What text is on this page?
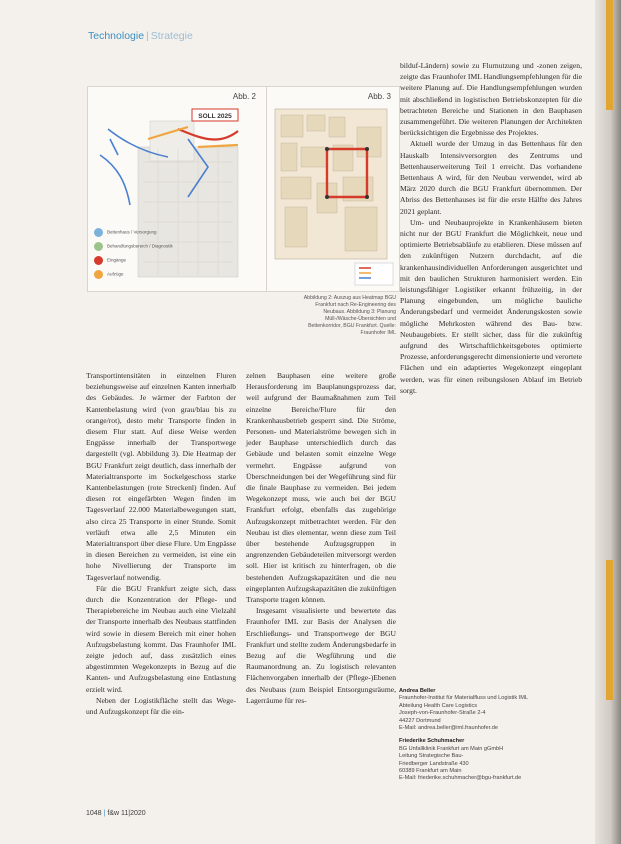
Technologie | Strategie
Abb. 2
SOLL 2025
Bettenhaus / Versorgung
Behandlungsbereich / Diagnostik
Eingänge
Aufzüge
Abb. 3
Abbildung 2: Auszug aus Heatmap BGU Frankfurt nach Re-Engineering des Neubaus. Abbildung 3: Planung Müll-/Wäsche-Übersichten und Bettenkorridor, BGU Frankfurt. Quelle: Fraunhofer IML

bilduf-Ländern) sowie zu Flurnutzung und -zonen zeigen, zeigte das Fraunhofer IML Handlungsempfehlungen für die weitere Planung auf. Die Handlungsempfehlungen wurden mit abschließend in logistischen Betriebskonzepten für die betrachteten Bereiche und Stationen in den Bauphasen zusammengeführt. Die weiteren Planungen der Architekten berücksichtigen die Ergebnisse des Projektes.

Aktuell wurde der Umzug in das Bettenhaus für den Hauskalb Intensivversorgten des Zentrums und Bettenhauserweiterung Teil 1 erreicht. Das vorhandene Bettenhaus A wird, für den Neubau verwendet, wird ab März 2020 durch die BGU Frankfurt übernommen. Der Abriss des Bettenhauses ist für die erste Hälfte des Jahres 2021 geplant.

Um- und Neubauprojekte in Krankenhäusern bieten nicht nur der BGU Frankfurt die Möglichkeit, neue und optimierte Betriebsabläufe zu etablieren. Diese müssen auf den zukünftigen Nutzern durchdacht, auf die krankenhausindividuellen Anforderungen ausgerichtet und mit den baulichen Strukturen harmonisiert werden. Ein leistungsfähiger Logistiker erkannt frühzeitig, in der Planung eingebunden, um mögliche bauliche Änderungsbedarf und vermeidet Änderungskosten sowie mögliche Mehrkosten während des Bau- bzw. Neubaugebiets. Er stellt sicher, dass für die zukünftig aufgrund des Wirtschaftlichkeitsgebotes optimierte Prozesse, anforderungsgerecht dimensionierte und verortete Flächen und ein adaptiertes Wegekonzept eingeplant werden, was für einen reibungslosen Ablauf im Betrieb sorgt.

Transportintensitäten in einzelnen Fluren beziehungsweise auf einzelnen Kanten innerhalb des Gebäudes. Je wärmer der Farbton der Kantenbelastung wird (von grau/blau bis zu orange/rot), desto mehr Transporte finden in diesem Flur statt. Auf diese Weise werden Engpässe innerhalb der Transportwege dargestellt (vgl. Abbildung 3). Die Heatmap der BGU Frankfurt zeigt deutlich, dass innerhalb der Materialtransporte im Sockelgeschoss starke Kantenbelastungen (rote Streckenl) finden. Auf diesen rot eingefärbten Wegen finden im Tagesverlauf 22.000 Materialbewegungen statt, also circa 25 Transporte in einer Stunde. Somit verläuft etwa alle 2,5 Minuten ein Materialtransport über diese Flure. Um Engpässe in diesen Bereichen zu vermeiden, ist eine ein hohe Nivellierung der Transporte im Tagesverlauf notwendig.

Für die BGU Frankfurt zeigte sich, dass durch die Konzentration der Pflege- und Therapiebereiche im Neubau auch eine Vielzahl der Transporte innerhalb des Neubaus stattfinden wird sowie in diesem Bereich mit einer hohen Aufzugsbelastung kommt. Das Fraunhofer IML zeigte jedoch auf, dass zusätzlich eines abgestimmten Wegekonzepts in Bezug auf die Kanten- und Aufzugsbelastung eine Entlastung erzielt wird.

Neben der Logistikfläche stellt das Wege- und Aufzugskonzept für die ein-

zelnen Bauphasen eine weitere große Herausforderung im Bauplanungsprozess dar, weil aufgrund der Baumaßnahmen zum Teil einzelne Bereiche/Flure für den Krankenhausbetrieb gesperrt sind. Die Ströme, Personen- und Materialströme bewegen sich in jeder Bauphase unterschiedlich durch das Gebäude und belasten somit einzelne Wege vermehrt. Engpässe aufgrund von Überschneidungen bei der Wegeführung sind für die finale Bauphase zu vermeiden. Bei jedem Wegekonzept muss, wie auch bei der BGU Frankfurt erfolgt, ebenfalls das zugehörige Aufzugskonzept mitbetrachtet werden. Für den Neubau ist dies elementar, wenn diese zum Teil über bestehende Aufzugsgruppen in angrenzenden Gebäudeteilen mitversorgt werden soll. Hier ist kritisch zu hinterfragen, ob die bestehenden Aufzugskapazitäten und die neu eingeplanten Aufzugskapazitäten die zukünftigen Transporte tragen können.

Insgesamt visualisierte und bewertete das Fraunhofer IML zur Basis der Analysen die Erschließungs- und Transportwege der BGU Frankfurt und stellte zudem Änderungsbedarfe in Bezug auf die Wegführung und die Raumanordnung an. Zu logistisch relevanten Flächenvorgaben innerhalb der (Pflege-)Ebenen des Neubaus (zum Beispiel Entsorgungsräume, Lagerräume für res-

Andrea Beller
Fraunhofer-Institut für Materialfluss und Logistik IML
Abteilung Health Care Logistics
Joseph-von-Fraunhofer-Straße 2-4
44227 Dortmund
E-Mail: andrea.beller@iml.fraunhofer.de
Friederike Schuhmacher
BG Unfallklinik Frankfurt am Main gGmbH
Leitung Strategische Bau-
Friedberger Landstraße 430
60389 Frankfurt am Main
E-Mail: friederike.schuhmacher@bgu-frankfurt.de
1048 | f&w 11|2020
